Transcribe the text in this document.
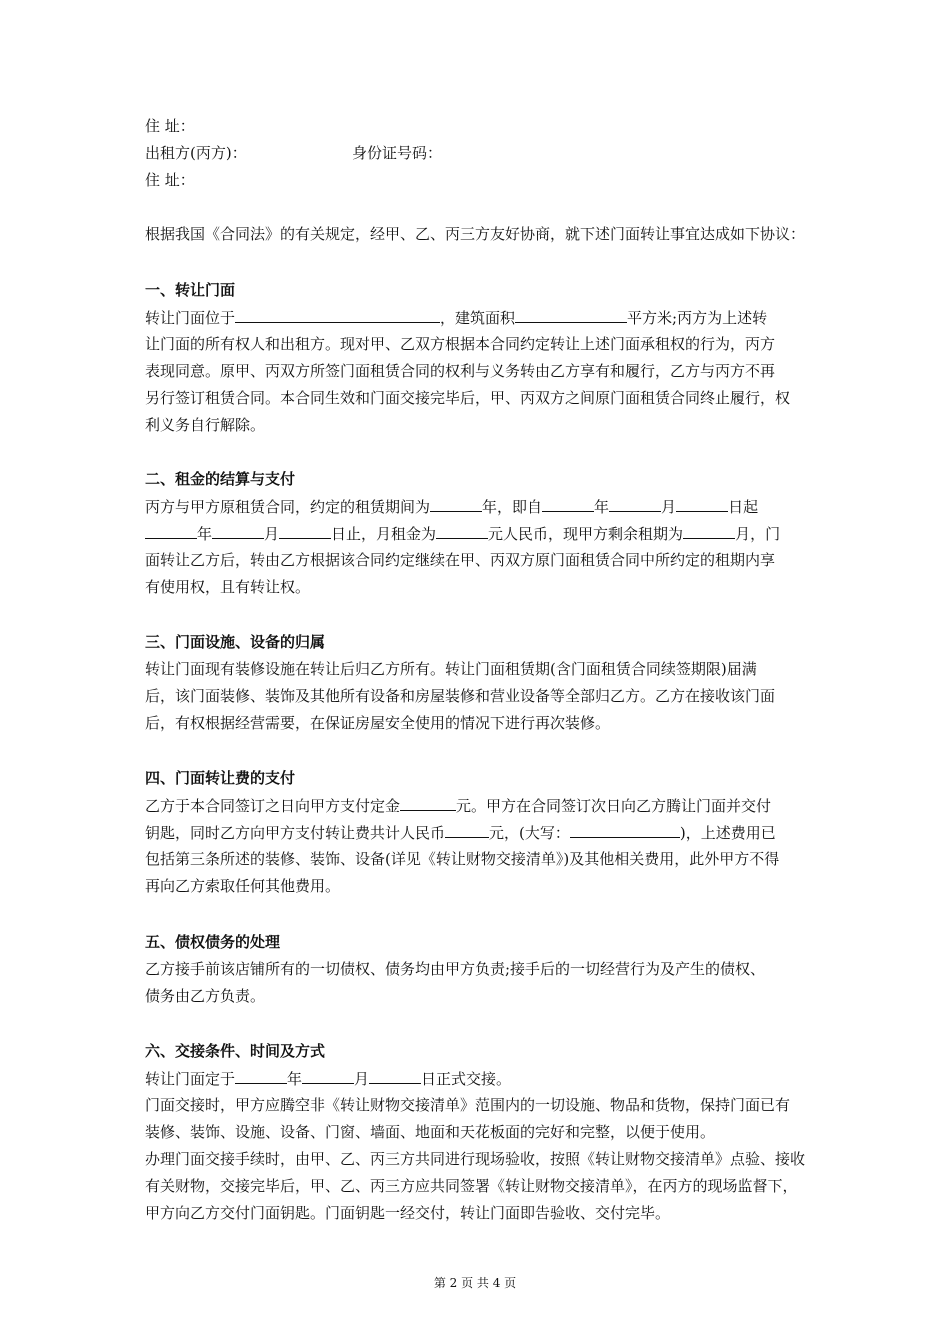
住 址：
出租方(丙方)：	身份证号码：
住 址：
根据我国《合同法》的有关规定，经甲、乙、丙三方友好协商，就下述门面转让事宜达成如下协议：
一、转让门面
转让门面位于	，建筑面积	平方米;丙方为上述转
让门面的所有权人和出租方。现对甲、乙双方根据本合同约定转让上述门面承租权的行为，丙方
表现同意。原甲、丙双方所签门面租赁合同的权利与义务转由乙方享有和履行，乙方与丙方不再
另行签订租赁合同。本合同生效和门面交接完毕后，甲、丙双方之间原门面租赁合同终止履行，权
利义务自行解除。
二、租金的结算与支付
丙方与甲方原租赁合同，约定的租赁期间为	年，即自	年	月	日起
年	月	日止，月租金为	元人民币，现甲方剩余租期为	月，门
面转让乙方后，转由乙方根据该合同约定继续在甲、丙双方原门面租赁合同中所约定的租期内享
有使用权，且有转让权。
三、门面设施、设备的归属
转让门面现有装修设施在转让后归乙方所有。转让门面租赁期(含门面租赁合同续签期限)届满
后，该门面装修、装饰及其他所有设备和房屋装修和营业设备等全部归乙方。乙方在接收该门面
后，有权根据经营需要，在保证房屋安全使用的情况下进行再次装修。
四、门面转让费的支付
乙方于本合同签订之日向甲方支付定金	元。甲方在合同签订次日向乙方腾让门面并交付
钥匙，同时乙方向甲方支付转让费共计人民币	元，(大写：	)，上述费用已
包括第三条所述的装修、装饰、设备(详见《转让财物交接清单》)及其他相关费用，此外甲方不得
再向乙方索取任何其他费用。
五、债权债务的处理
乙方接手前该店铺所有的一切债权、债务均由甲方负责;接手后的一切经营行为及产生的债权、
债务由乙方负责。
六、交接条件、时间及方式
转让门面定于	年	月	日正式交接。
门面交接时，甲方应腾空非《转让财物交接清单》范围内的一切设施、物品和货物，保持门面已有
装修、装饰、设施、设备、门窗、墙面、地面和天花板面的完好和完整，以便于使用。
办理门面交接手续时，由甲、乙、丙三方共同进行现场验收，按照《转让财物交接清单》点验、接收
有关财物，交接完毕后，甲、乙、丙三方应共同签署《转让财物交接清单》，在丙方的现场监督下，
甲方向乙方交付门面钥匙。门面钥匙一经交付，转让门面即告验收、交付完毕。
第 2 页 共 4 页
